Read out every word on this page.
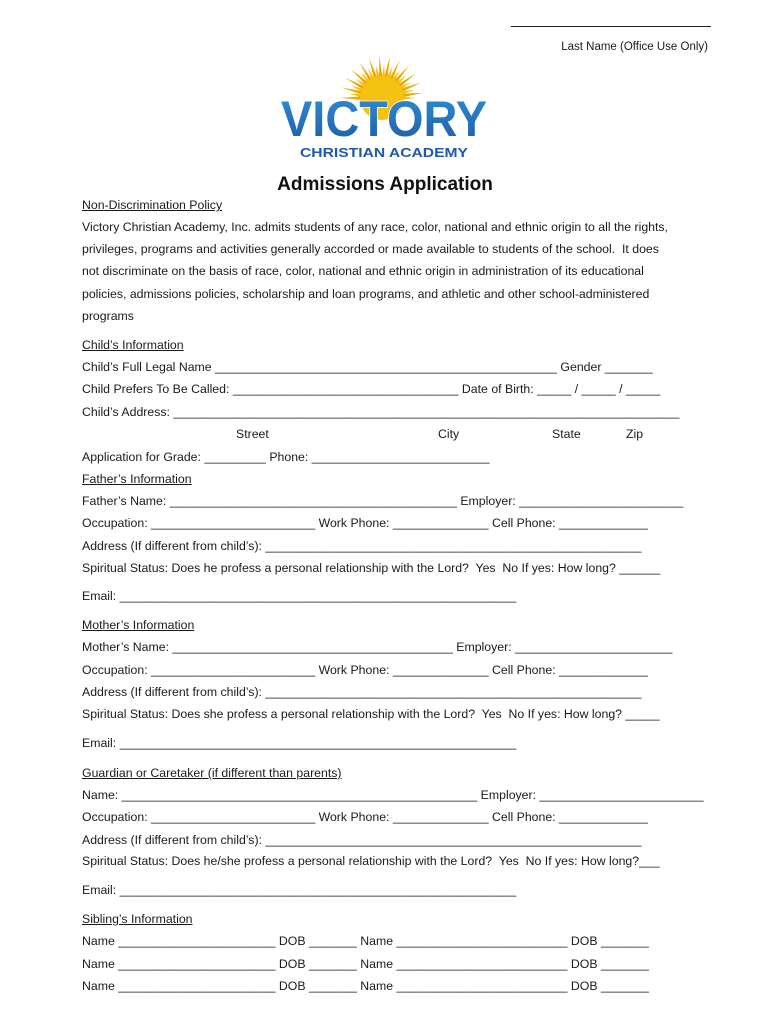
Last Name (Office Use Only)
VICTORY
CHRISTIAN ACADEMY
Admissions Application
Non-Discrimination Policy
Victory Christian Academy, Inc. admits students of any race, color, national and ethnic origin to all the rights,
privileges, programs and activities generally accorded or made available to students of the school.  It does
not discriminate on the basis of race, color, national and ethnic origin in administration of its educational
policies, admissions policies, scholarship and loan programs, and athletic and other school-administered
programs
Child’s Information
Child’s Full Legal Name __________________________________________________ Gender _______
Child Prefers To Be Called: _________________________________ Date of Birth: _____ / _____ / _____
Child’s Address: __________________________________________________________________________
Street	City	State	Zip
Application for Grade: _________ Phone: __________________________
Father’s Information
Father’s Name: __________________________________________ Employer: ________________________
Occupation: ________________________ Work Phone: ______________ Cell Phone: _____________
Address (If different from child’s): _______________________________________________________
Spiritual Status: Does he profess a personal relationship with the Lord?  Yes  No If yes: How long? ______
Email: __________________________________________________________
Mother’s Information
Mother’s Name: _________________________________________ Employer: _______________________
Occupation: ________________________ Work Phone: ______________ Cell Phone: _____________
Address (If different from child’s): _______________________________________________________
Spiritual Status: Does she profess a personal relationship with the Lord?  Yes  No If yes: How long? _____
Email: __________________________________________________________
Guardian or Caretaker (if different than parents)
Name: ____________________________________________________ Employer: ________________________
Occupation: ________________________ Work Phone: ______________ Cell Phone: _____________
Address (If different from child’s): _______________________________________________________
Spiritual Status: Does he/she profess a personal relationship with the Lord?  Yes  No If yes: How long?___
Email: __________________________________________________________
Sibling’s Information
Name _______________________ DOB _______ Name _________________________ DOB _______
Name _______________________ DOB _______ Name _________________________ DOB _______
Name _______________________ DOB _______ Name _________________________ DOB _______
